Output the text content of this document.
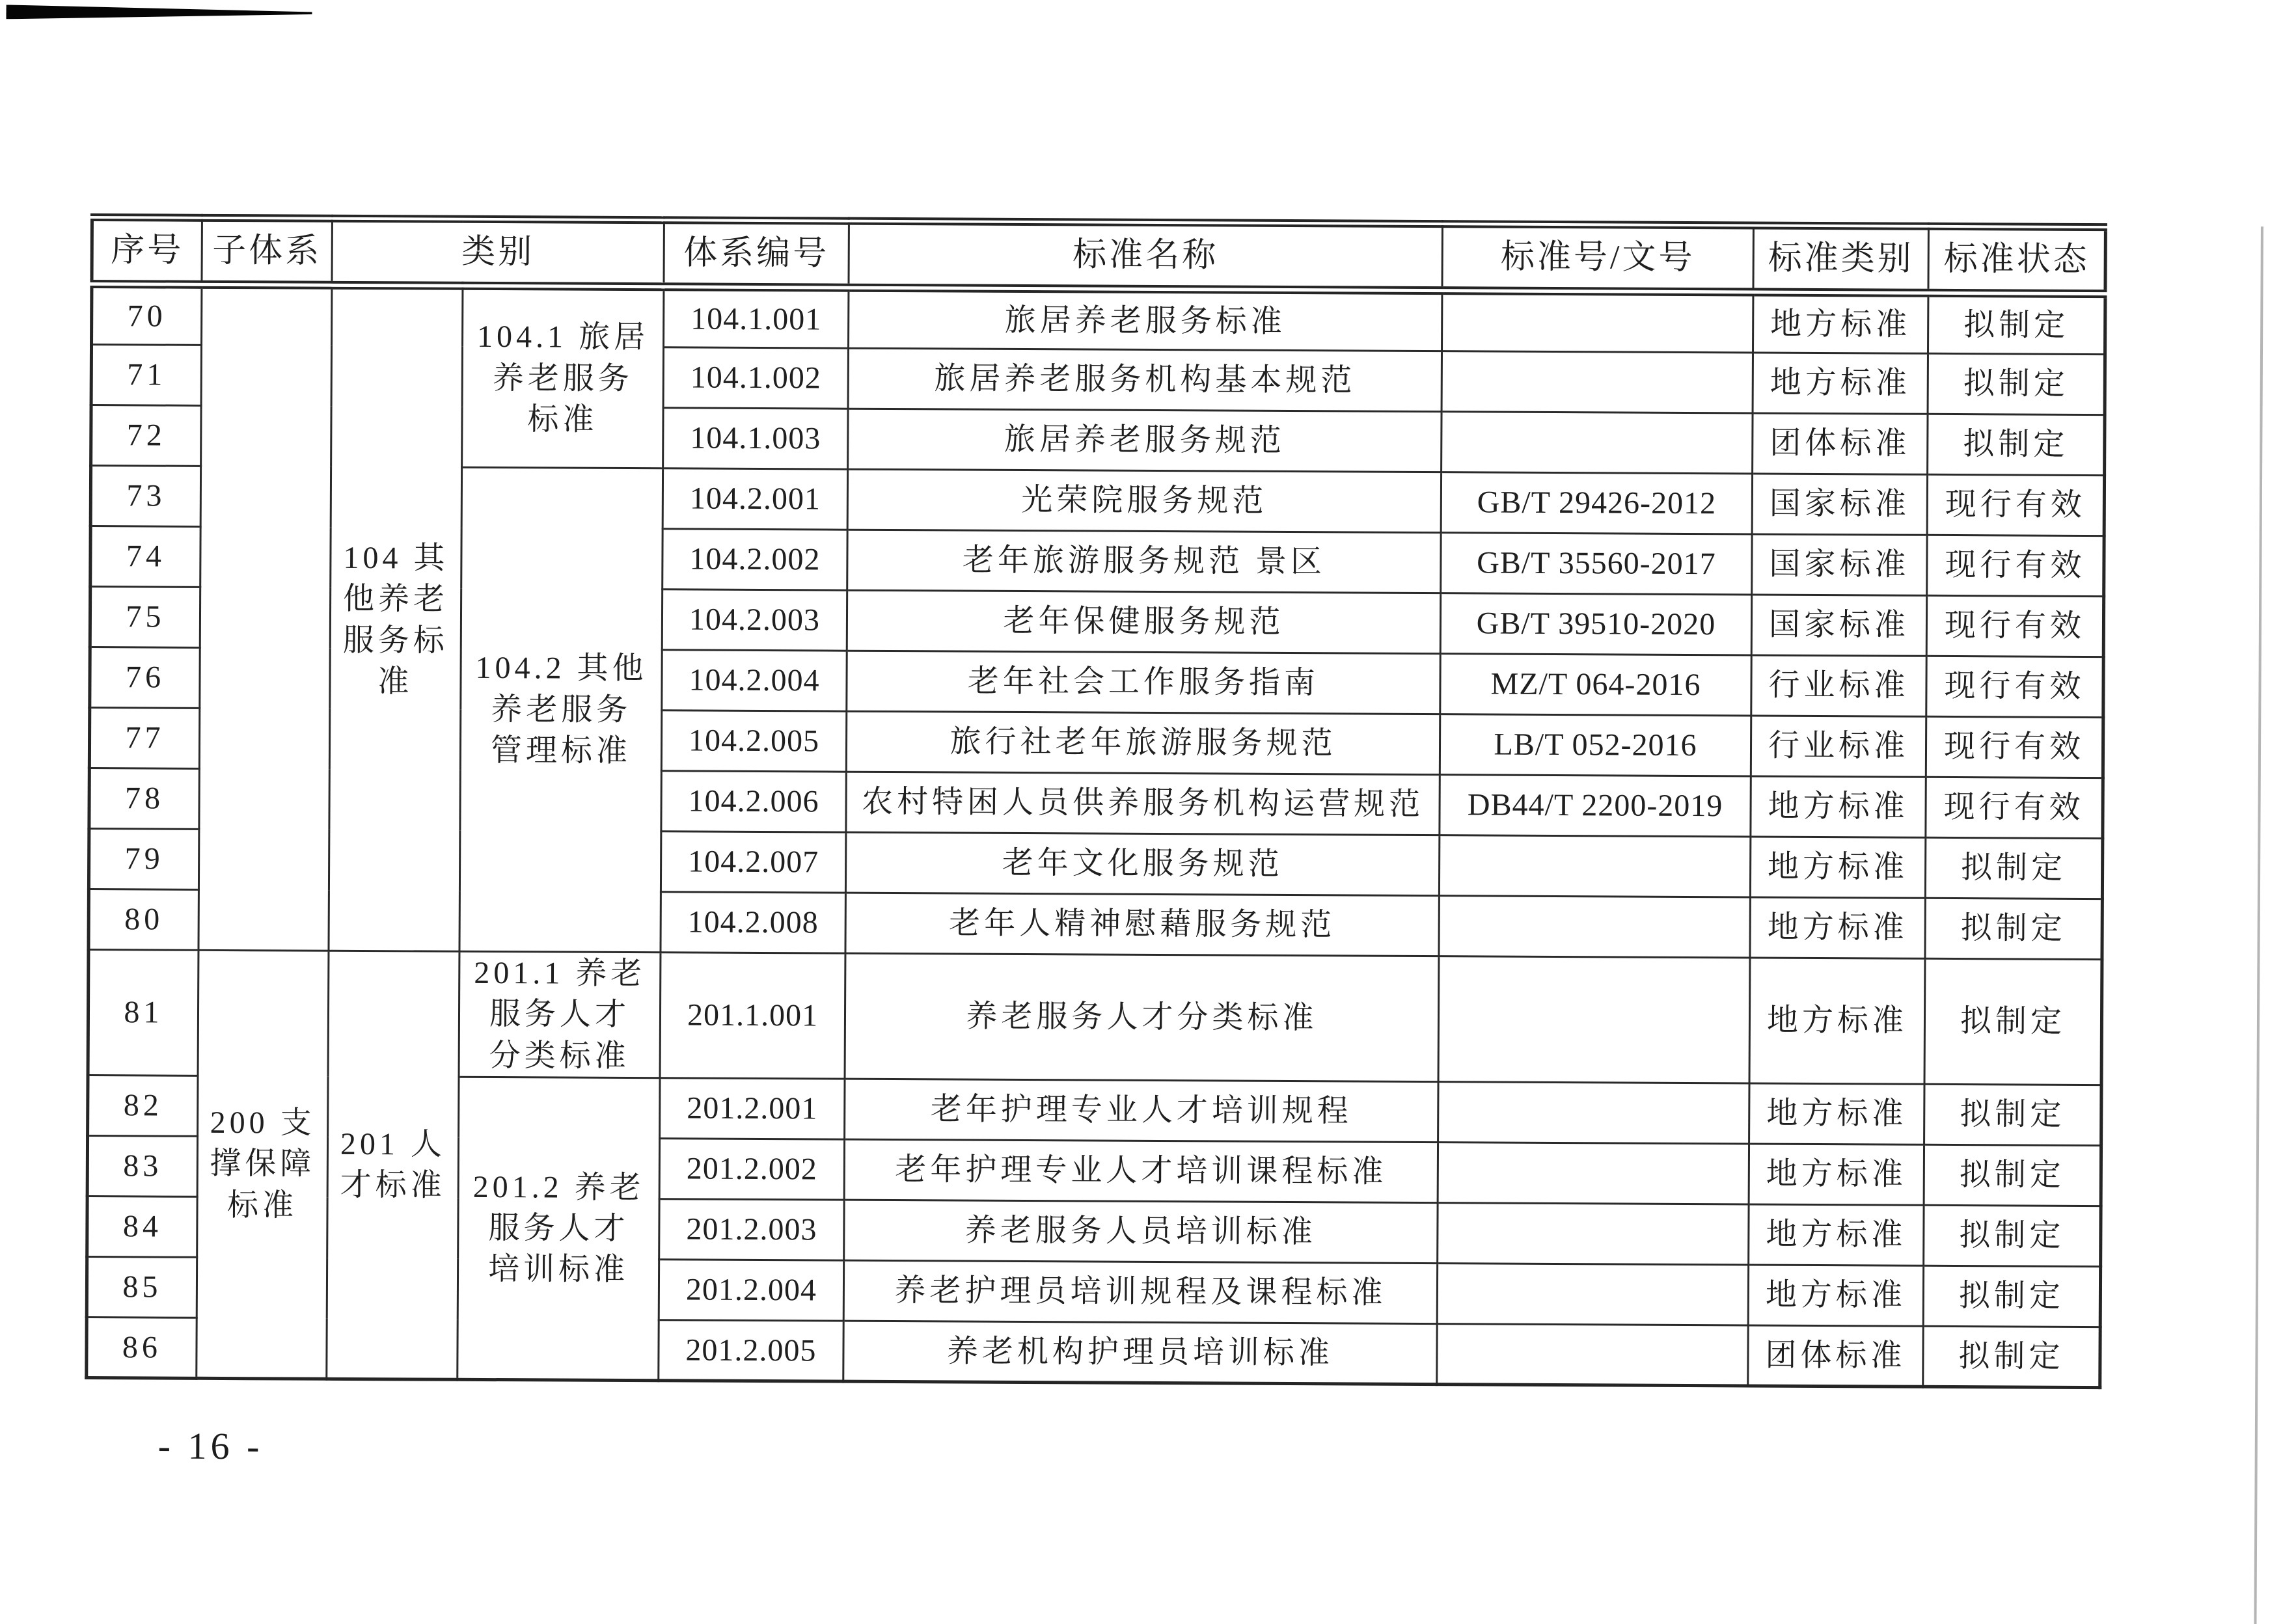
序号	子体系	类别		体系编号	标准名称	标准号/文号	标准类别	标准状态
70		104 其他养老服务标准	104.1 旅居养老服务标准	104.1.001	旅居养老服务标准		地方标准	拟制定
71				104.1.002	旅居养老服务机构基本规范		地方标准	拟制定
72				104.1.003	旅居养老服务规范		团体标准	拟制定
73			104.2 其他养老服务管理标准	104.2.001	光荣院服务规范	GB/T 29426-2012	国家标准	现行有效
74				104.2.002	老年旅游服务规范 景区	GB/T 35560-2017	国家标准	现行有效
75				104.2.003	老年保健服务规范	GB/T 39510-2020	国家标准	现行有效
76				104.2.004	老年社会工作服务指南	MZ/T 064-2016	行业标准	现行有效
77				104.2.005	旅行社老年旅游服务规范	LB/T 052-2016	行业标准	现行有效
78				104.2.006	农村特困人员供养服务机构运营规范	DB44/T 2200-2019	地方标准	现行有效
79				104.2.007	老年文化服务规范		地方标准	拟制定
80				104.2.008	老年人精神慰藉服务规范		地方标准	拟制定
81	200 支撑保障标准	201 人才标准	201.1 养老服务人才分类标准	201.1.001	养老服务人才分类标准		地方标准	拟制定
82			201.2 养老服务人才培训标准	201.2.001	老年护理专业人才培训规程		地方标准	拟制定
83				201.2.002	老年护理专业人才培训课程标准		地方标准	拟制定
84				201.2.003	养老服务人员培训标准		地方标准	拟制定
85				201.2.004	养老护理员培训规程及课程标准		地方标准	拟制定
86				201.2.005	养老机构护理员培训标准		团体标准	拟制定
- 16 -
